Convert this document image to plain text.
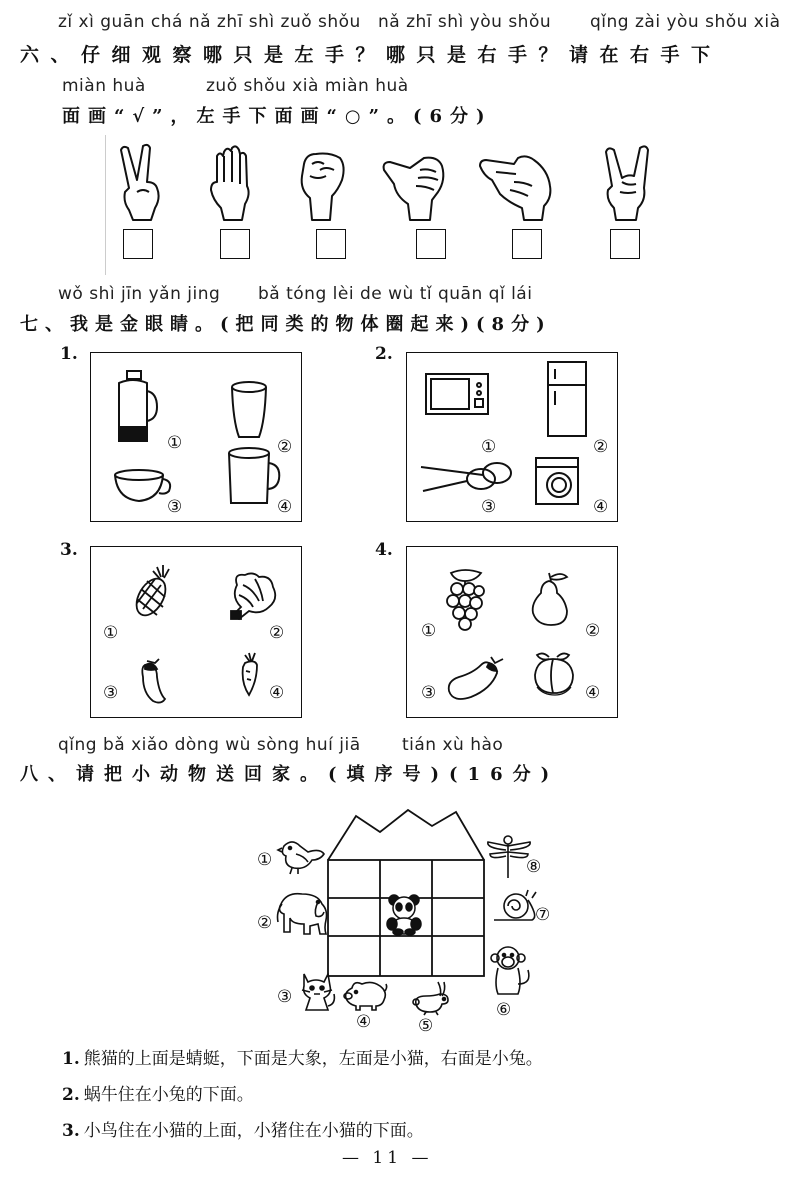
zǐ xì guān chá nǎ zhī shì zuǒ shǒu nǎ zhī shì yòu shǒu qǐng zài yòu shǒu xià
六、仔细观察哪只是左手？哪只是右手？请在右手下
miàn huà	zuǒ shǒu xià miàn huà
面画“√”，左手下面画“○”。(6分)
wǒ shì jīn yǎn jing bǎ tóng lèi de wù tǐ quān qǐ lái
七、我是金眼睛。(把同类的物体圈起来)(8分)
1.
①	②
③	④
2.
①	②
③	④
3.
①	②
③	④
4.
①	②
③	④
qǐng bǎ xiǎo dòng wù sòng huí jiā tián xù hào
八、请把小动物送回家。(填序号)(16分)
①
②
③
④	⑤
⑥
⑦
⑧
1. 熊猫的上面是蜻蜓，下面是大象，左面是小猫，右面是小兔。
2. 蜗牛住在小兔的下面。
3. 小鸟住在小猫的上面，小猪住在小猫的下面。
— 11 —
